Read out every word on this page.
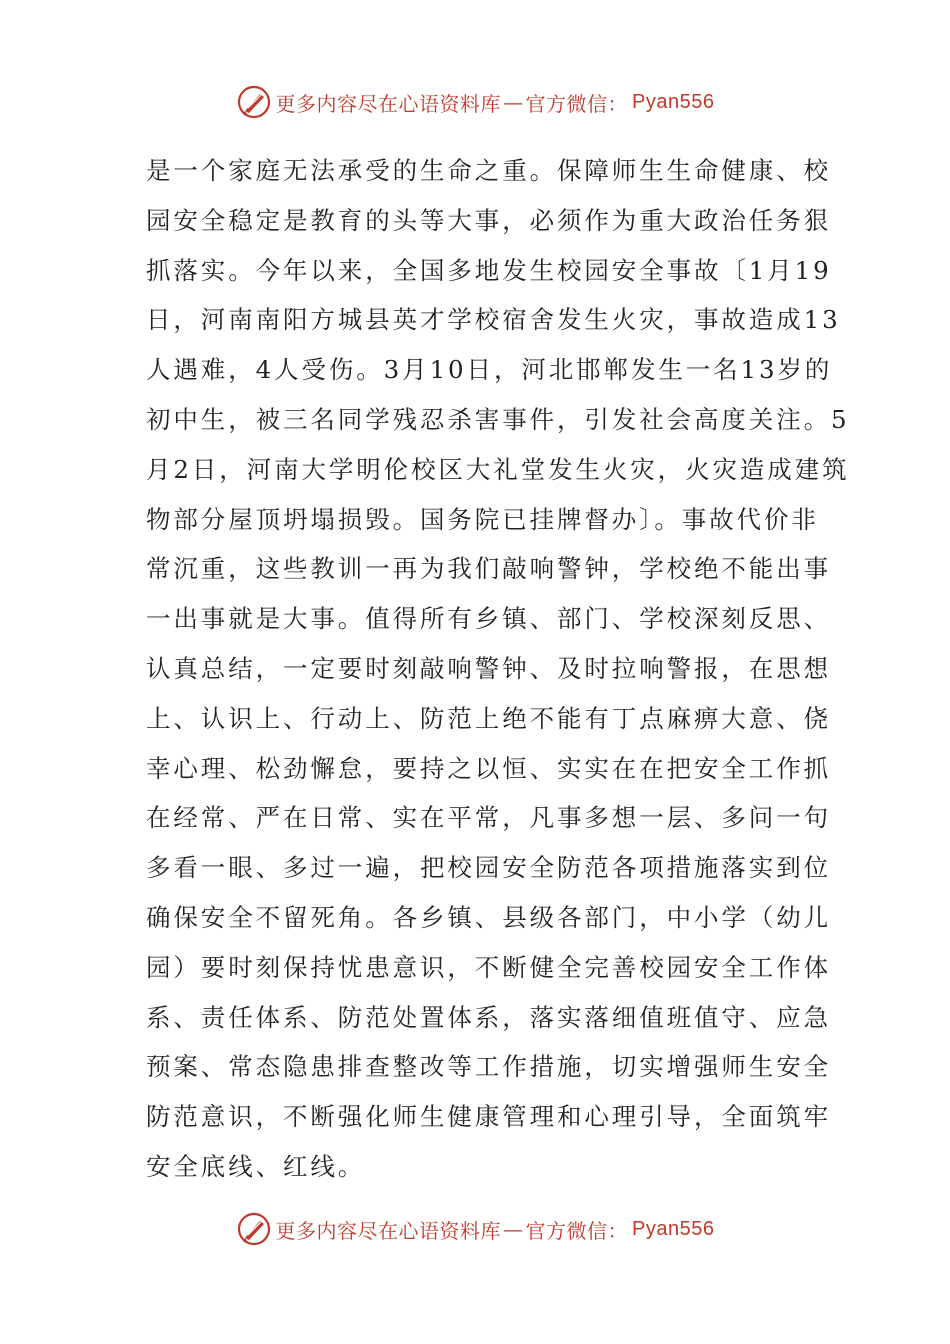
更多内容尽在心语资料库 — 官方微信： Pyan556
是一个家庭无法承受的生命之重。保障师生生命健康、校
园安全稳定是教育的头等大事，必须作为重大政治任务狠
抓落实。今年以来，全国多地发生校园安全事故〔1月19
日，河南南阳方城县英才学校宿舍发生火灾，事故造成13
人遇难，4人受伤。3月10日，河北邯郸发生一名13岁的
初中生，被三名同学残忍杀害事件，引发社会高度关注。5
月2日，河南大学明伦校区大礼堂发生火灾，火灾造成建筑
物部分屋顶坍塌损毁。国务院已挂牌督办〕。事故代价非
常沉重，这些教训一再为我们敲响警钟，学校绝不能出事
一出事就是大事。值得所有乡镇、部门、学校深刻反思、
认真总结，一定要时刻敲响警钟、及时拉响警报，在思想
上、认识上、行动上、防范上绝不能有丁点麻痹大意、侥
幸心理、松劲懈怠，要持之以恒、实实在在把安全工作抓
在经常、严在日常、实在平常，凡事多想一层、多问一句
多看一眼、多过一遍，把校园安全防范各项措施落实到位
确保安全不留死角。各乡镇、县级各部门，中小学（幼儿
园）要时刻保持忧患意识，不断健全完善校园安全工作体
系、责任体系、防范处置体系，落实落细值班值守、应急
预案、常态隐患排查整改等工作措施，切实增强师生安全
防范意识，不断强化师生健康管理和心理引导，全面筑牢
安全底线、红线。
更多内容尽在心语资料库 — 官方微信： Pyan556
